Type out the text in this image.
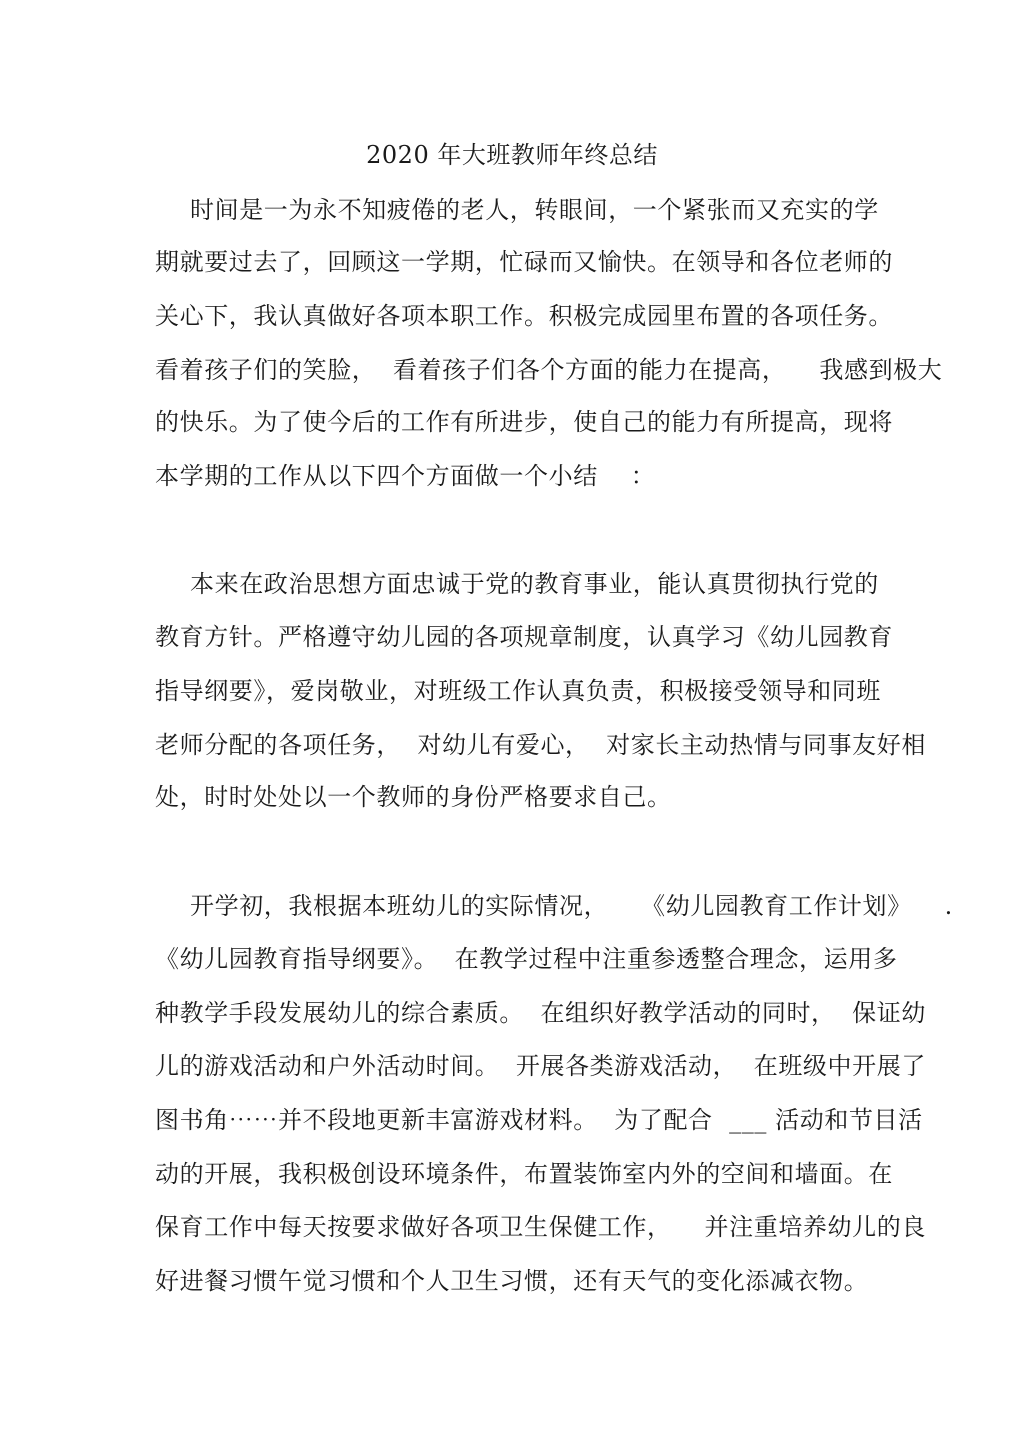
2020 年大班教师年终总结
时间是一为永不知疲倦的老人，转眼间，一个紧张而又充实的学
期就要过去了，回顾这一学期，忙碌而又愉快。在领导和各位老师的
关心下，我认真做好各项本职工作。积极完成园里布置的各项任务。
看着孩子们的笑脸，  看着孩子们各个方面的能力在提高，    我感到极大
的快乐。为了使今后的工作有所进步，使自己的能力有所提高，现将
本学期的工作从以下四个方面做一个小结    ：
本来在政治思想方面忠诚于党的教育事业，能认真贯彻执行党的
教育方针。严格遵守幼儿园的各项规章制度，认真学习《幼儿园教育
指导纲要》，爱岗敬业，对班级工作认真负责，积极接受领导和同班
老师分配的各项任务，  对幼儿有爱心，  对家长主动热情与同事友好相
处，时时处处以一个教师的身份严格要求自己。
开学初，我根据本班幼儿的实际情况，    《幼儿园教育工作计划》    .
《幼儿园教育指导纲要》。  在教学过程中注重参透整合理念，运用多
种教学手段发展幼儿的综合素质。  在组织好教学活动的同时，  保证幼
儿的游戏活动和户外活动时间。  开展各类游戏活动，  在班级中开展了
图书角⋯⋯并不段地更新丰富游戏材料。  为了配合  ___ 活动和节目活
动的开展，我积极创设环境条件，布置装饰室内外的空间和墙面。在
保育工作中每天按要求做好各项卫生保健工作，    并注重培养幼儿的良
好进餐习惯午觉习惯和个人卫生习惯，还有天气的变化添减衣物。
